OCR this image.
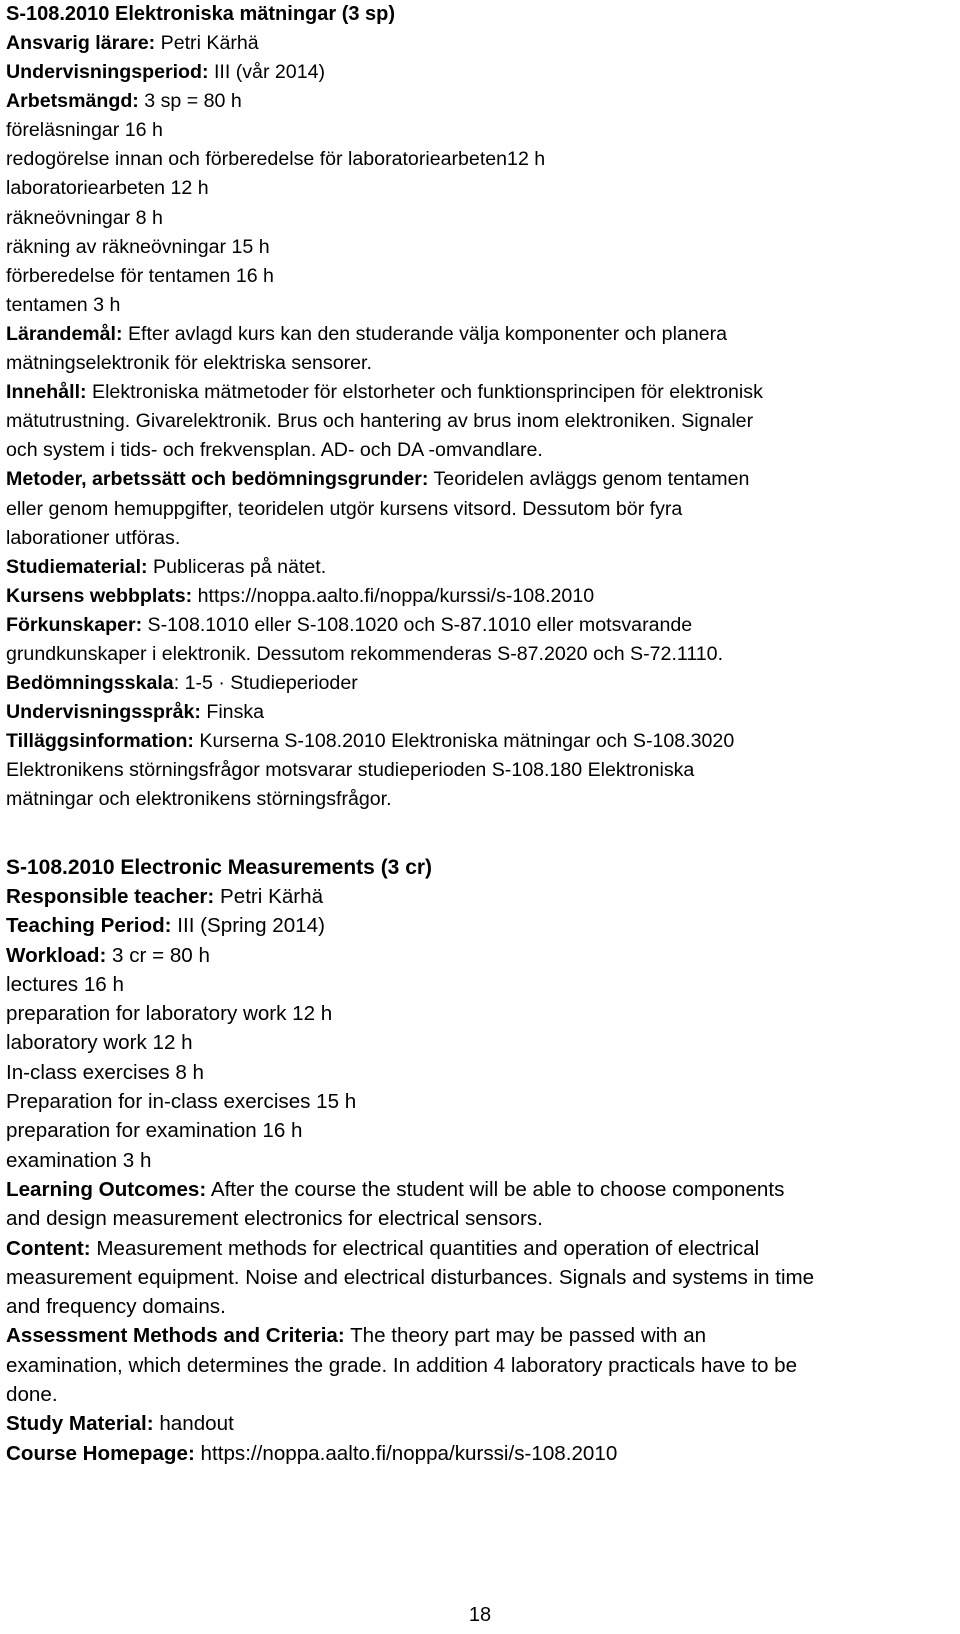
S-108.2010 Elektroniska mätningar (3 sp)
Ansvarig lärare: Petri Kärhä
Undervisningsperiod: III (vår 2014)
Arbetsmängd: 3 sp = 80 h
föreläsningar 16 h
redogörelse innan och förberedelse för laboratoriearbeten12 h
laboratoriearbeten 12 h
räkneövningar 8 h
räkning av räkneövningar 15 h
förberedelse för tentamen 16 h
tentamen 3 h
Lärandemål: Efter avlagd kurs kan den studerande välja komponenter och planera
mätningselektronik för elektriska sensorer.
Innehåll: Elektroniska mätmetoder för elstorheter och funktionsprincipen för elektronisk
mätutrustning. Givarelektronik. Brus och hantering av brus inom elektroniken. Signaler
och system i tids- och frekvensplan. AD- och DA -omvandlare.
Metoder, arbetssätt och bedömningsgrunder: Teoridelen avläggs genom tentamen
eller genom hemuppgifter, teoridelen utgör kursens vitsord. Dessutom bör fyra
laborationer utföras.
Studiematerial: Publiceras på nätet.
Kursens webbplats: https://noppa.aalto.fi/noppa/kurssi/s-108.2010
Förkunskaper: S-108.1010 eller S-108.1020 och S-87.1010 eller motsvarande
grundkunskaper i elektronik. Dessutom rekommenderas S-87.2020 och S-72.1110.
Bedömningsskala: 1-5 · Studieperioder
Undervisningsspråk: Finska
Tilläggsinformation: Kurserna S-108.2010 Elektroniska mätningar och S-108.3020
Elektronikens störningsfrågor motsvarar studieperioden S-108.180 Elektroniska
mätningar och elektronikens störningsfrågor.
S-108.2010 Electronic Measurements (3 cr)
Responsible teacher: Petri Kärhä
Teaching Period: III (Spring 2014)
Workload: 3 cr = 80 h
lectures 16 h
preparation for laboratory work 12 h
laboratory work 12 h
In-class exercises 8 h
Preparation for in-class exercises 15 h
preparation for examination 16 h
examination 3 h
Learning Outcomes: After the course the student will be able to choose components
and design measurement electronics for electrical sensors.
Content: Measurement methods for electrical quantities and operation of electrical
measurement equipment. Noise and electrical disturbances. Signals and systems in time
and frequency domains.
Assessment Methods and Criteria: The theory part may be passed with an
examination, which determines the grade. In addition 4 laboratory practicals have to be
done.
Study Material: handout
Course Homepage: https://noppa.aalto.fi/noppa/kurssi/s-108.2010
18
